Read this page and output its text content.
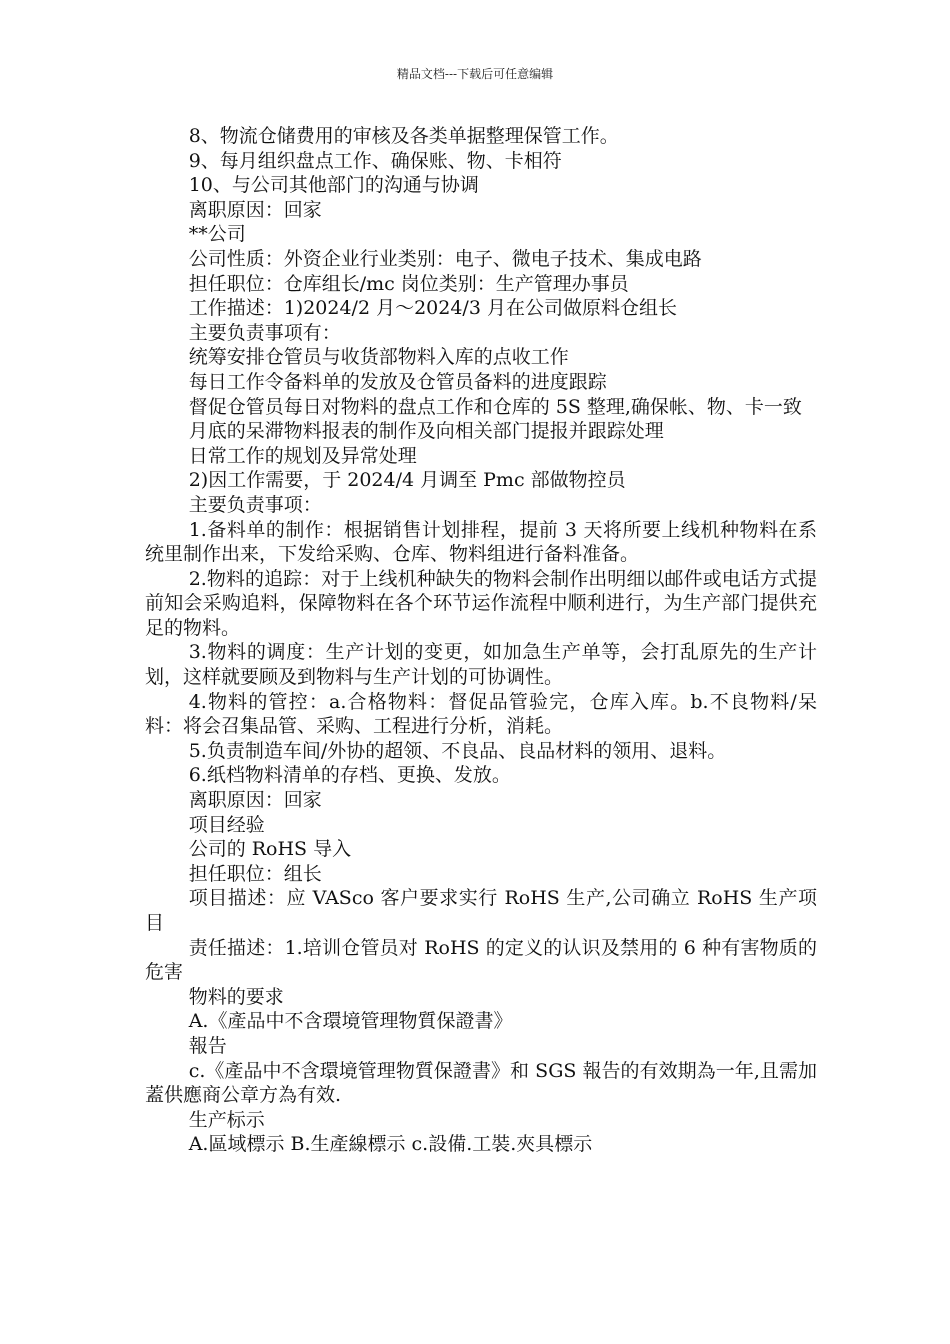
精品文档---下载后可任意编辑

8、物流仓储费用的审核及各类单据整理保管工作。

9、每月组织盘点工作、确保账、物、卡相符

10、与公司其他部门的沟通与协调

离职原因：回家

**公司

公司性质：外资企业行业类别：电子、微电子技术、集成电路

担任职位：仓库组长/mc 岗位类别：生产管理办事员

工作描述：1)2024/2 月～2024/3 月在公司做原料仓组长

主要负责事项有：

统筹安排仓管员与收货部物料入库的点收工作

每日工作令备料单的发放及仓管员备料的进度跟踪

督促仓管员每日对物料的盘点工作和仓库的 5S 整理,确保帐、物、卡一致

月底的呆滞物料报表的制作及向相关部门提报并跟踪处理

日常工作的规划及异常处理

2)因工作需要，于 2024/4 月调至 Pmc 部做物控员

主要负责事项：

1.备料单的制作：根据销售计划排程，提前 3 天将所要上线机种物料在系统里制作出来，下发给采购、仓库、物料组进行备料准备。

2.物料的追踪：对于上线机种缺失的物料会制作出明细以邮件或电话方式提前知会采购追料，保障物料在各个环节运作流程中顺利进行，为生产部门提供充足的物料。

3.物料的调度：生产计划的变更，如加急生产单等，会打乱原先的生产计划，这样就要顾及到物料与生产计划的可协调性。

4.物料的管控：a.合格物料：督促品管验完，仓库入库。b.不良物料/呆料：将会召集品管、采购、工程进行分析，消耗。

5.负责制造车间/外协的超领、不良品、良品材料的领用、退料。

6.纸档物料清单的存档、更换、发放。

离职原因：回家

项目经验

公司的 RoHS 导入

担任职位：组长

项目描述：应 VAScо 客户要求实行 RoHS 生产,公司确立 RoHS 生产项目

责任描述：1.培训仓管员对 RoHS 的定义的认识及禁用的 6 种有害物质的危害

物料的要求

A.《產品中不含環境管理物質保證書》

報告

c.《產品中不含環境管理物質保證書》和 SGS 報告的有效期為一年,且需加蓋供應商公章方為有效.

生产标示

A.區域標示 B.生產線標示 c.設備.工裝.夾具標示
